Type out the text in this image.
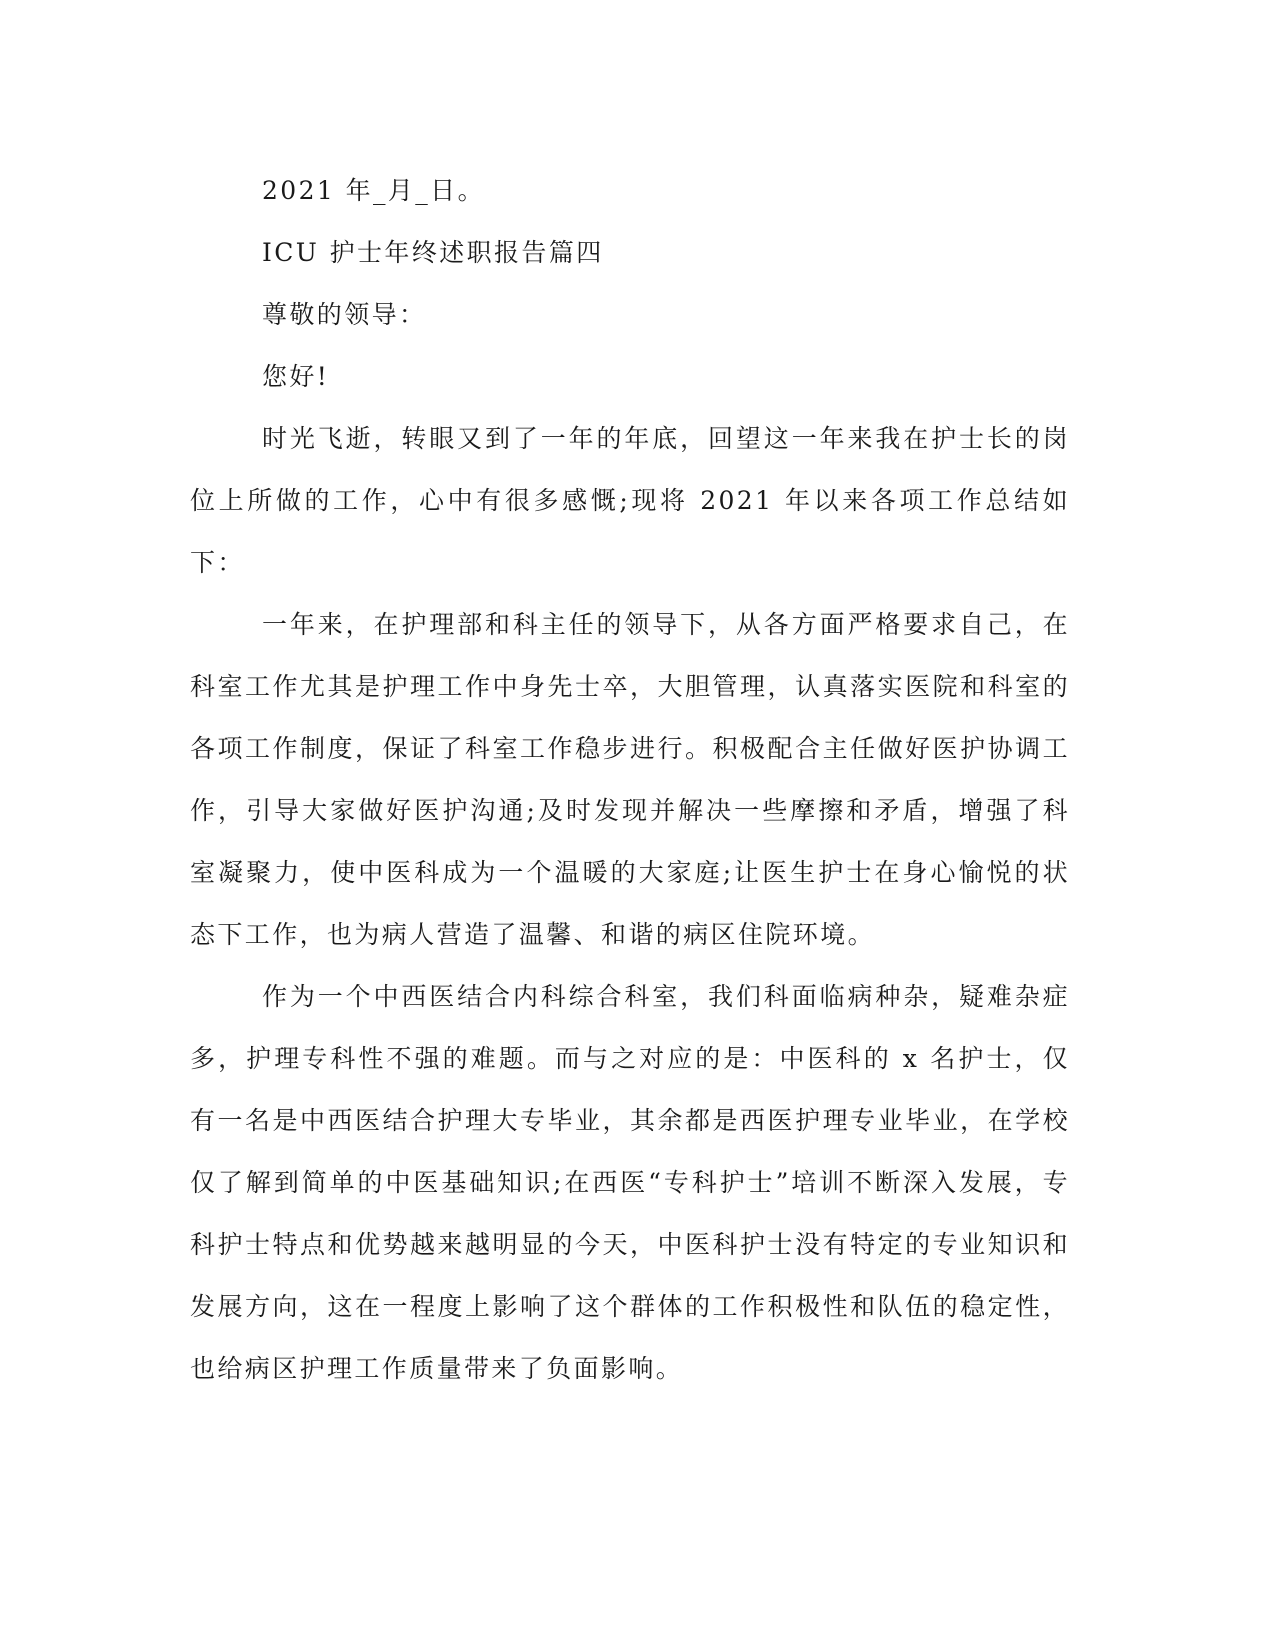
2021 年_月_日。

ICU 护士年终述职报告篇四

尊敬的领导：

您好!

时光飞逝，转眼又到了一年的年底，回望这一年来我在护士长的岗位上所做的工作，心中有很多感慨;现将 2021 年以来各项工作总结如下：

一年来，在护理部和科主任的领导下，从各方面严格要求自己，在科室工作尤其是护理工作中身先士卒，大胆管理，认真落实医院和科室的各项工作制度，保证了科室工作稳步进行。积极配合主任做好医护协调工作，引导大家做好医护沟通;及时发现并解决一些摩擦和矛盾，增强了科室凝聚力，使中医科成为一个温暖的大家庭;让医生护士在身心愉悦的状态下工作，也为病人营造了温馨、和谐的病区住院环境。

作为一个中西医结合内科综合科室，我们科面临病种杂，疑难杂症多，护理专科性不强的难题。而与之对应的是：中医科的 x 名护士，仅有一名是中西医结合护理大专毕业，其余都是西医护理专业毕业，在学校仅了解到简单的中医基础知识;在西医“专科护士”培训不断深入发展，专科护士特点和优势越来越明显的今天，中医科护士没有特定的专业知识和发展方向，这在一程度上影响了这个群体的工作积极性和队伍的稳定性，也给病区护理工作质量带来了负面影响。
